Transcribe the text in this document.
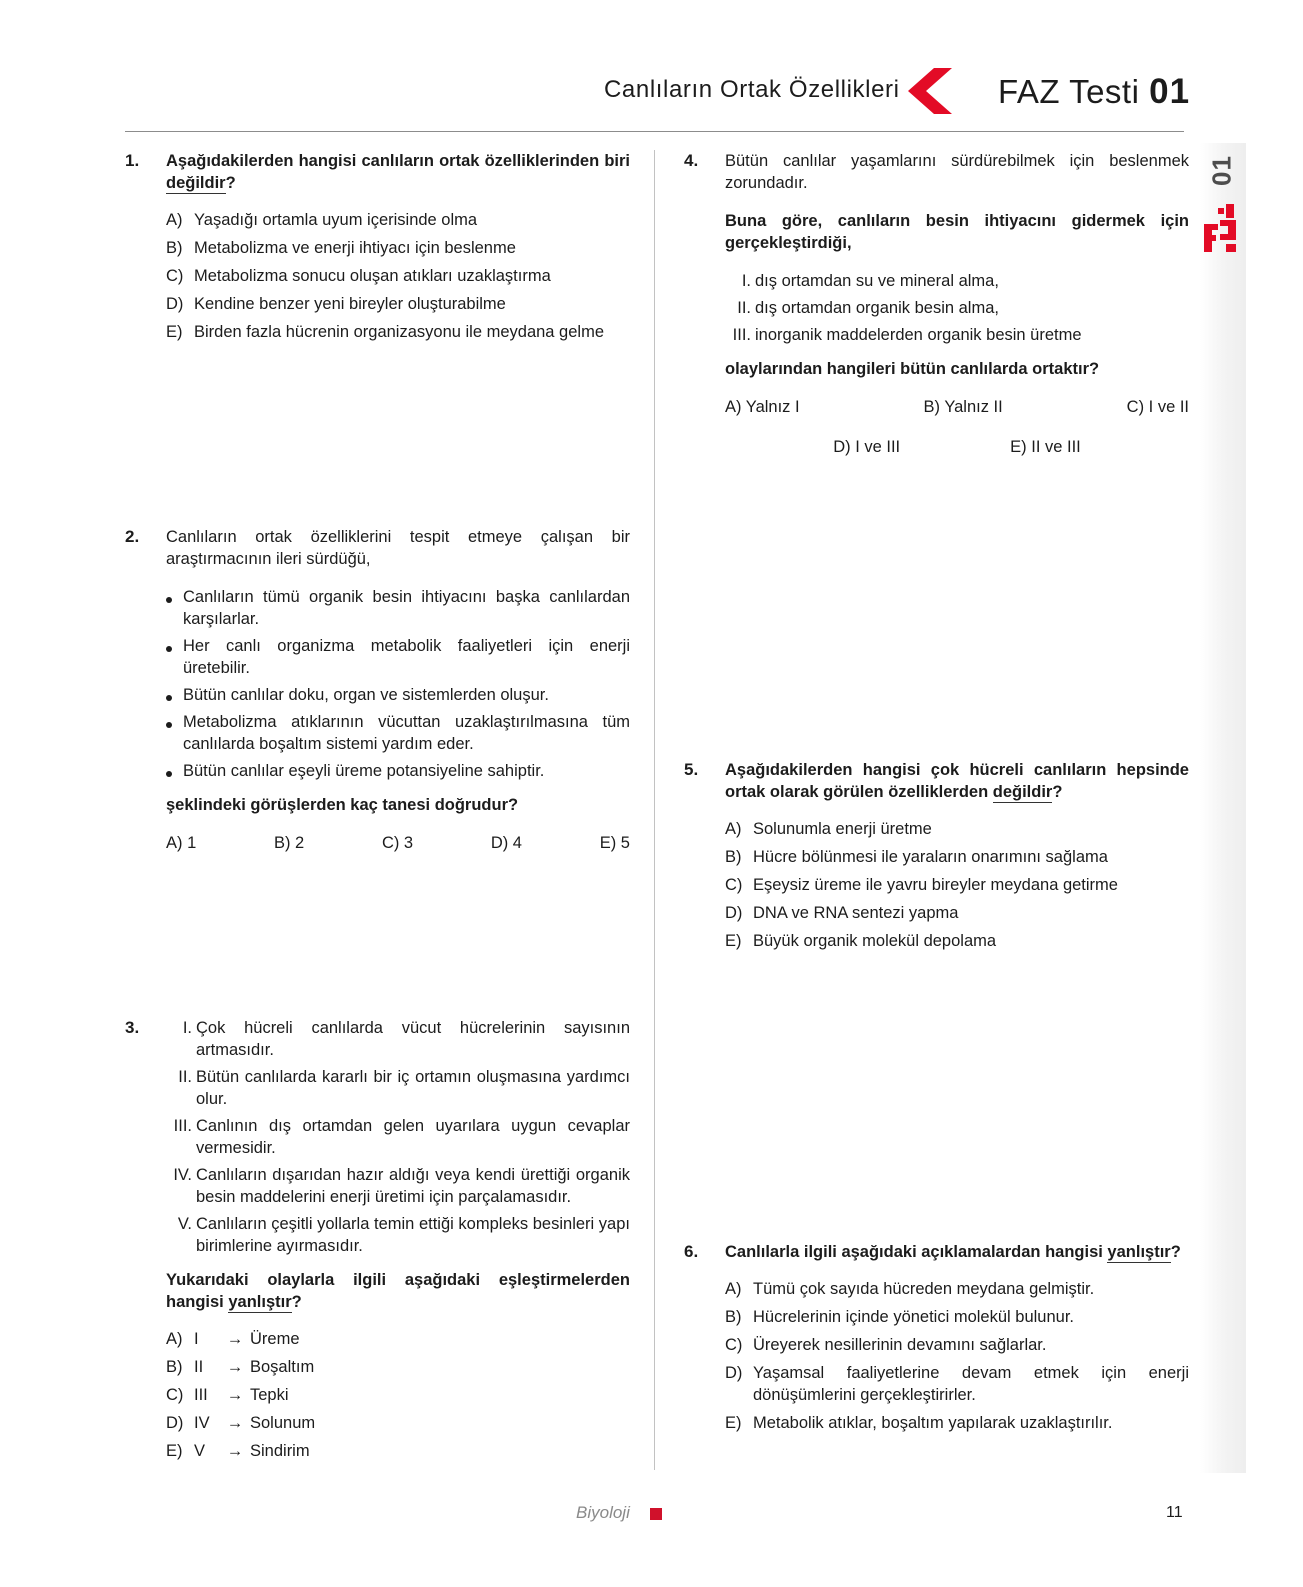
Canlıların Ortak Özellikleri	FAZ Testi 01
01
1. Aşağıdakilerden hangisi canlıların ortak özelliklerinden biri değildir?

A) Yaşadığı ortamla uyum içerisinde olma
B) Metabolizma ve enerji ihtiyacı için beslenme
C) Metabolizma sonucu oluşan atıkları uzaklaştırma
D) Kendine benzer yeni bireyler oluşturabilme
E) Birden fazla hücrenin organizasyonu ile meydana gelme
2. Canlıların ortak özelliklerini tespit etmeye çalışan bir araştırmacının ileri sürdüğü,

Canlıların tümü organik besin ihtiyacını başka canlılardan karşılarlar.
Her canlı organizma metabolik faaliyetleri için enerji üretebilir.
Bütün canlılar doku, organ ve sistemlerden oluşur.
Metabolizma atıklarının vücuttan uzaklaştırılmasına tüm canlılarda boşaltım sistemi yardım eder.
Bütün canlılar eşeyli üreme potansiyeline sahiptir.

şeklindeki görüşlerden kaç tanesi doğrudur?

A) 1	B) 2	C) 3	D) 4	E) 5
3.	I. Çok hücreli canlılarda vücut hücrelerinin sayısının artmasıdır.
II. Bütün canlılarda kararlı bir iç ortamın oluşmasına yardımcı olur.
III. Canlının dış ortamdan gelen uyarılara uygun cevaplar vermesidir.
IV. Canlıların dışarıdan hazır aldığı veya kendi ürettiği organik besin maddelerini enerji üretimi için parçalamasıdır.
V. Canlıların çeşitli yollarla temin ettiği kompleks besinleri yapı birimlerine ayırmasıdır.

Yukarıdaki olaylarla ilgili aşağıdaki eşleştirmelerden hangisi yanlıştır?

A) I	→ Üreme
B) II	→ Boşaltım
C) III	→ Tepki
D) IV	→ Solunum
E) V	→ Sindirim
4. Bütün canlılar yaşamlarını sürdürebilmek için beslenmek zorundadır.

Buna göre, canlıların besin ihtiyacını gidermek için gerçekleştirdiği,

I. dış ortamdan su ve mineral alma,
II. dış ortamdan organik besin alma,
III. inorganik maddelerden organik besin üretme

olaylarından hangileri bütün canlılarda ortaktır?

A) Yalnız I	B) Yalnız II	C) I ve II
D) I ve III	E) II ve III
5. Aşağıdakilerden hangisi çok hücreli canlıların hepsinde ortak olarak görülen özelliklerden değildir?

A) Solunumla enerji üretme
B) Hücre bölünmesi ile yaraların onarımını sağlama
C) Eşeysiz üreme ile yavru bireyler meydana getirme
D) DNA ve RNA sentezi yapma
E) Büyük organik molekül depolama
6. Canlılarla ilgili aşağıdaki açıklamalardan hangisi yanlıştır?

A) Tümü çok sayıda hücreden meydana gelmiştir.
B) Hücrelerinin içinde yönetici molekül bulunur.
C) Üreyerek nesillerinin devamını sağlarlar.
D) Yaşamsal faaliyetlerine devam etmek için enerji dönüşümlerini gerçekleştirirler.
E) Metabolik atıklar, boşaltım yapılarak uzaklaştırılır.
Biyoloji	11
